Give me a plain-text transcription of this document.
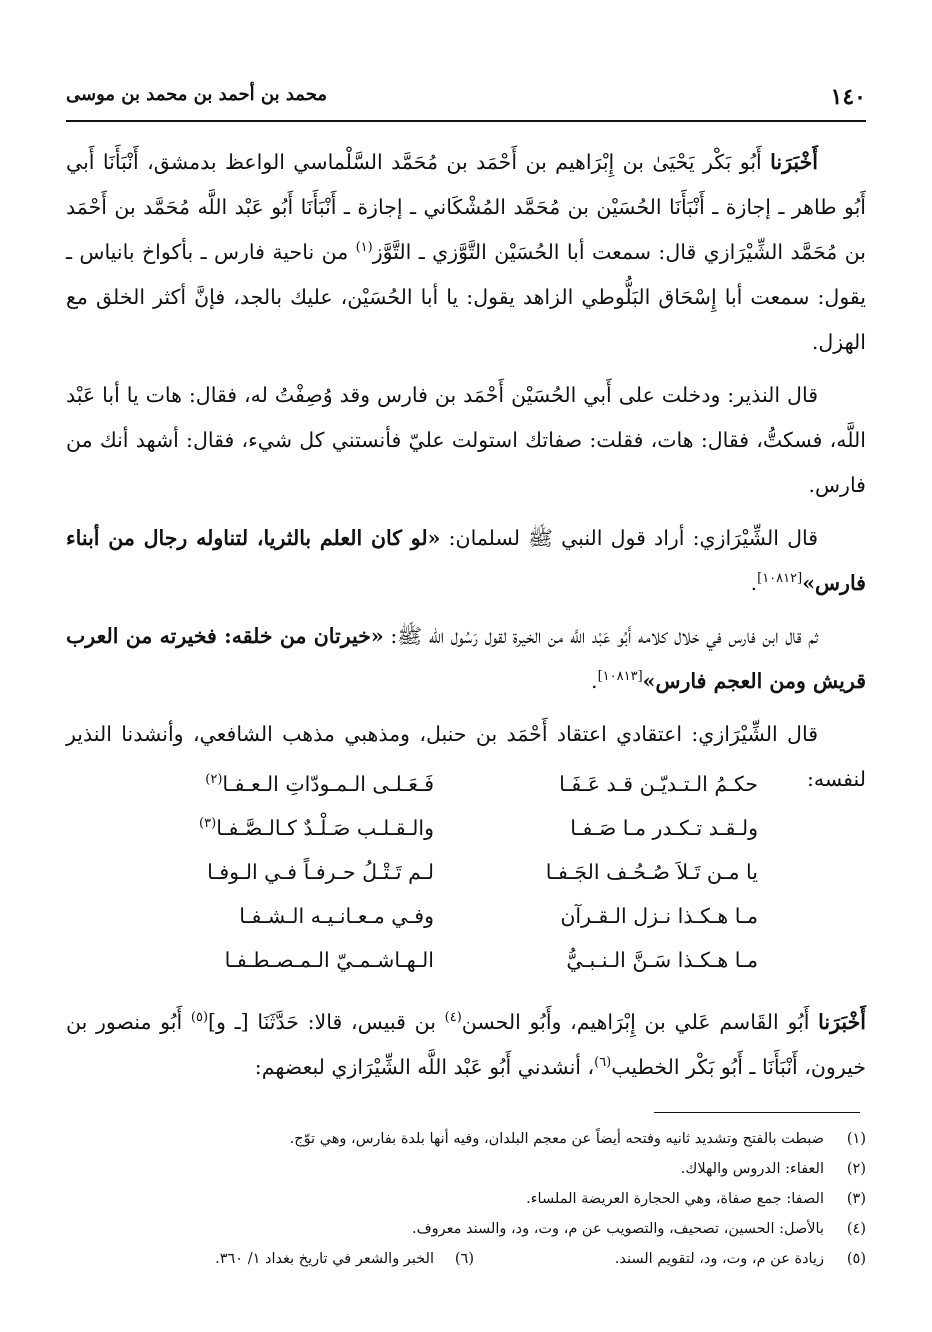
١٤٠
محمد بن أحمد بن محمد بن موسى

أَخْبَرَنا أَبُو بَكْر يَحْيَىٰ بن إِبْرَاهيم بن أَحْمَد بن مُحَمَّد السَّلْماسي الواعظ بدمشق، أَنْبَأَنَا أَبي أَبُو طاهر ـ إجازة ـ أَنْبَأَنَا الحُسَيْن بن مُحَمَّد المُشْكَاني ـ إجازة ـ أَنْبَأَنَا أَبُو عَبْد اللَّه مُحَمَّد بن أَحْمَد بن مُحَمَّد الشِّيْرَازي قال: سمعت أبا الحُسَيْن التَّوَّزي ـ التَّوَّز$^{(١)}$ من ناحية فارس ـ بأكواخ بانياس ـ يقول: سمعت أبا إِسْحَاق البَلُّوطي الزاهد يقول: يا أبا الحُسَيْن، عليك بالجد، فإنَّ أكثر الخلق مع الهزل.

قال النذير: ودخلت على أَبي الحُسَيْن أَحْمَد بن فارس وقد وُصِفْتُ له، فقال: هات يا أبا عَبْد اللَّه، فسكتُّ، فقال: هات، فقلت: صفاتك استولت عليّ فأنستني كل شيء، فقال: أشهد أنك من فارس.

قال الشِّيْرَازي: أراد قول النبي ﷺ لسلمان: «لو كان العلم بالثريا، لتناوله رجال من أبناء فارس»[١٠٨١٢].

ثم قال ابن فارس في خلال كلامه أَبُو عَبْد اللَّه من الخيرة لقول رَسُول الله ﷺ: «خيرتان من خلقه: فخيرته من العرب قريش ومن العجم فارس»[١٠٨١٣].

قال الشِّيْرَازي: اعتقادي اعتقاد أَحْمَد بن حنبل، ومذهبي مذهب الشافعي، وأنشدنا النذير لنفسه:

حكـمُ الـتـديّـن قـد عَـفَـا
فَـعَـلـى الـمـودّاتِ الـعـفـا$^{(٢)}$
ولـقـد تـكـدر مـا صَـفـا
والـقـلـب صَـلْـدٌ كـالـصَّـفـا$^{(٣)}$
يا مـن تَـلاَ صُـحُـف الجَـفـا
لـم تَـتْـلُ حـرفـاً فـي الـوفـا
مـا هـكـذا نـزل الـقـرآن
وفـي مـعـانـيـه الـشـفـا
مـا هـكـذا سَـنَّ الـنـبـيُّ
الـهـاشـمـيّ الـمـصـطـفـا
أَخْبَرَنا أَبُو القَاسم عَلي بن إِبْرَاهيم، وأَبُو الحسن$^{(٤)}$ بن قبيس، قالا: حَدَّثَنَا [ـ و]$^{(٥)}$ أَبُو منصور بن خيرون، أَنْبَأَنَا ـ أَبُو بَكْر الخطيب$^{(٦)}$، أنشدني أَبُو عَبْد اللَّه الشِّيْرَازي لبعضهم:
(١)
ضبطت بالفتح وتشديد ثانيه وفتحه أيضاً عن معجم البلدان، وفيه أنها بلدة بفارس، وهي توّج.
(٢)
العفاء: الدروس والهلاك.
(٣)
الصفا: جمع صفاة، وهي الحجارة العريضة الملساء.
(٤)
بالأصل: الحسين، تصحيف، والتصويب عن م، وت، ود، والسند معروف.
(٥)
زيادة عن م، وت، ود، لتقويم السند.
(٦)
الخبر والشعر في تاريخ بغداد ١/ ٣٦٠.
